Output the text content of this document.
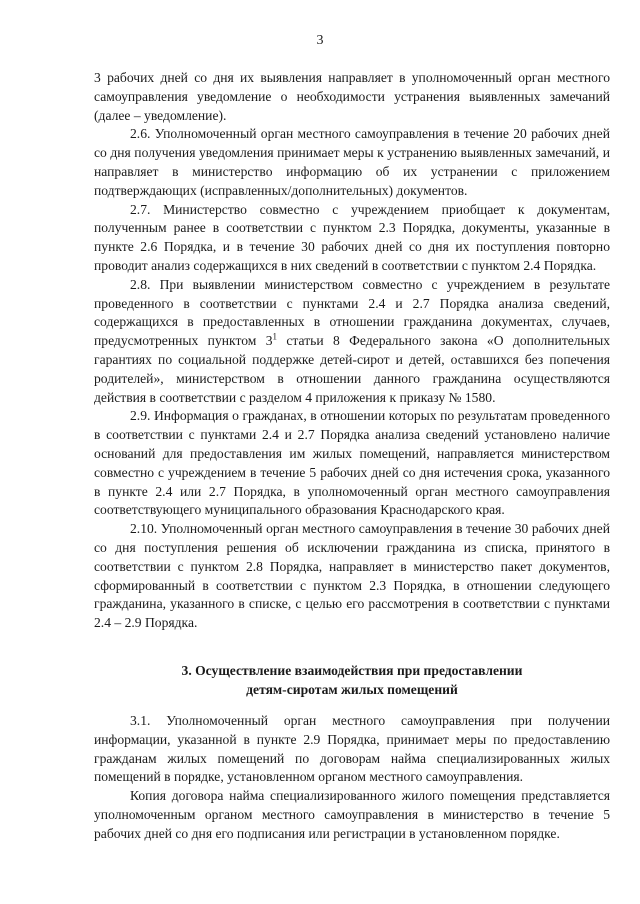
3

3 рабочих дней со дня их выявления направляет в уполномоченный орган местного самоуправления уведомление о необходимости устранения выявленных замечаний (далее – уведомление).

2.6. Уполномоченный орган местного самоуправления в течение 20 рабочих дней со дня получения уведомления принимает меры к устранению выявленных замечаний, и направляет в министерство информацию об их устранении с приложением подтверждающих (исправленных/дополнительных) документов.

2.7. Министерство совместно с учреждением приобщает к документам, полученным ранее в соответствии с пунктом 2.3 Порядка, документы, указанные в пункте 2.6 Порядка, и в течение 30 рабочих дней со дня их поступления повторно проводит анализ содержащихся в них сведений в соответствии с пунктом 2.4 Порядка.

2.8. При выявлении министерством совместно с учреждением в результате проведенного в соответствии с пунктами 2.4 и 2.7 Порядка анализа сведений, содержащихся в предоставленных в отношении гражданина документах, случаев, предусмотренных пунктом $3^1$ статьи 8 Федерального закона «О дополнительных гарантиях по социальной поддержке детей-сирот и детей, оставшихся без попечения родителей», министерством в отношении данного гражданина осуществляются действия в соответствии с разделом 4 приложения к приказу № 1580.

2.9. Информация о гражданах, в отношении которых по результатам проведенного в соответствии с пунктами 2.4 и 2.7 Порядка анализа сведений установлено наличие оснований для предоставления им жилых помещений, направляется министерством совместно с учреждением в течение 5 рабочих дней со дня истечения срока, указанного в пункте 2.4 или 2.7 Порядка, в уполномоченный орган местного самоуправления соответствующего муниципального образования Краснодарского края.

2.10. Уполномоченный орган местного самоуправления в течение 30 рабочих дней со дня поступления решения об исключении гражданина из списка, принятого в соответствии с пунктом 2.8 Порядка, направляет в министерство пакет документов, сформированный в соответствии с пунктом 2.3 Порядка, в отношении следующего гражданина, указанного в списке, с целью его рассмотрения в соответствии с пунктами 2.4 – 2.9 Порядка.

3. Осуществление взаимодействия при предоставлении
детям-сиротам жилых помещений

3.1. Уполномоченный орган местного самоуправления при получении информации, указанной в пункте 2.9 Порядка, принимает меры по предоставлению гражданам жилых помещений по договорам найма специализированных жилых помещений в порядке, установленном органом местного самоуправления.

Копия договора найма специализированного жилого помещения представляется уполномоченным органом местного самоуправления в министерство в течение 5 рабочих дней со дня его подписания или регистрации в установленном порядке.
